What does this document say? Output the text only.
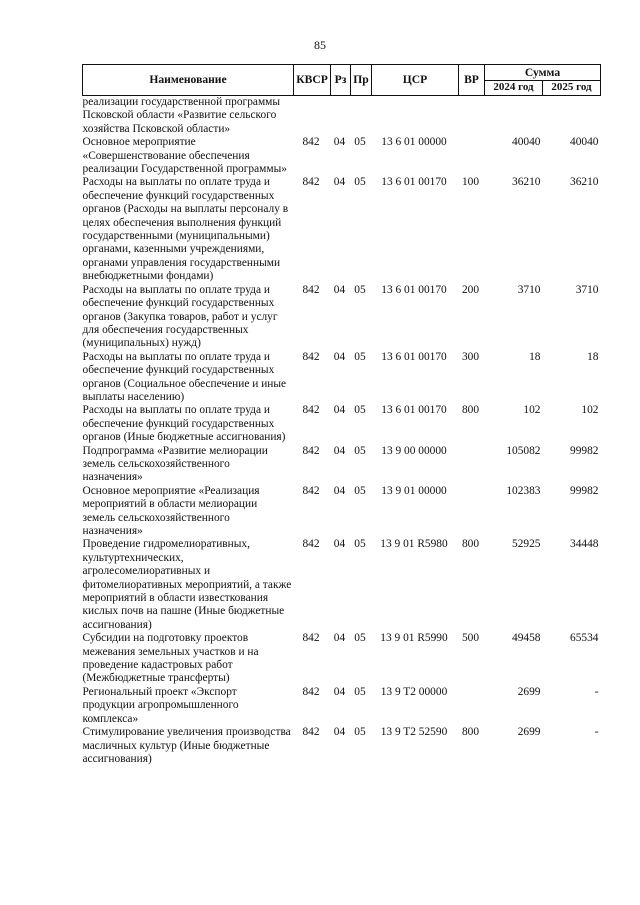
85
Наименование	КВСР	Рз	Пр	ЦСР	ВР	Сумма	
						2024 год	2025 год
реализации государственной программы Псковской области «Развитие сельского хозяйства Псковской области»							
Основное мероприятие «Совершенствование обеспечения реализации Государственной программы»	842	04	05	13 6 01 00000		40040	40040
Расходы на выплаты по оплате труда и обеспечение функций государственных органов (Расходы на выплаты персоналу в целях обеспечения выполнения функций государственными (муниципальными) органами, казенными учреждениями, органами управления государственными внебюджетными фондами)	842	04	05	13 6 01 00170	100	36210	36210
Расходы на выплаты по оплате труда и обеспечение функций государственных органов (Закупка товаров, работ и услуг для обеспечения государственных (муниципальных) нужд)	842	04	05	13 6 01 00170	200	3710	3710
Расходы на выплаты по оплате труда и обеспечение функций государственных органов (Социальное обеспечение и иные выплаты населению)	842	04	05	13 6 01 00170	300	18	18
Расходы на выплаты по оплате труда и обеспечение функций государственных органов (Иные бюджетные ассигнования)	842	04	05	13 6 01 00170	800	102	102
Подпрограмма «Развитие мелиорации земель сельскохозяйственного назначения»	842	04	05	13 9 00 00000		105082	99982
Основное мероприятие «Реализация мероприятий в области мелиорации земель сельскохозяйственного назначения»	842	04	05	13 9 01 00000		102383	99982
Проведение гидромелиоративных, культуртехнических, агролесомелиоративных и фитомелиоративных мероприятий, а также мероприятий в области известкования кислых почв на пашне (Иные бюджетные ассигнования)	842	04	05	13 9 01 R5980	800	52925	34448
Субсидии на подготовку проектов межевания земельных участков и на проведение кадастровых работ (Межбюджетные трансферты)	842	04	05	13 9 01 R5990	500	49458	65534
Региональный проект «Экспорт продукции агропромышленного комплекса»	842	04	05	13 9 T2 00000		2699	-
Стимулирование увеличения производства масличных культур (Иные бюджетные ассигнования)	842	04	05	13 9 T2 52590	800	2699	-
